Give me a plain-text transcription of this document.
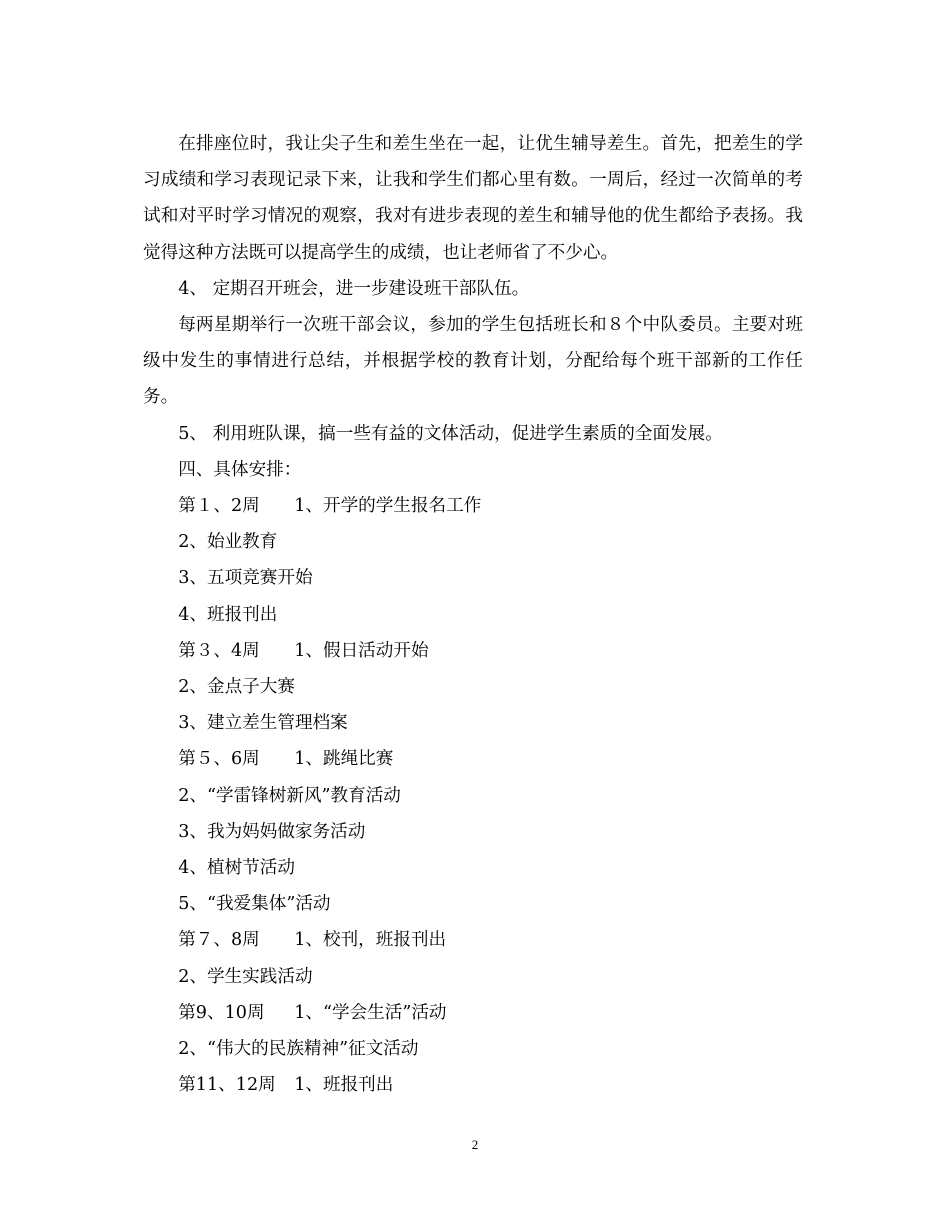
在排座位时，我让尖子生和差生坐在一起，让优生辅导差生。首先，把差生的学习成绩和学习表现记录下来，让我和学生们都心里有数。一周后，经过一次简单的考试和对平时学习情况的观察，我对有进步表现的差生和辅导他的优生都给予表扬。我觉得这种方法既可以提高学生的成绩，也让老师省了不少心。

4、 定期召开班会，进一步建设班干部队伍。

每两星期举行一次班干部会议，参加的学生包括班长和８个中队委员。主要对班级中发生的事情进行总结，并根据学校的教育计划，分配给每个班干部新的工作任务。

5、 利用班队课，搞一些有益的文体活动，促进学生素质的全面发展。

四、具体安排：

第１、2周 1、开学的学生报名工作

2、始业教育

3、五项竞赛开始

4、班报刊出

第３、4周 1、假日活动开始

2、金点子大赛

3、建立差生管理档案

第５、6周 1、跳绳比赛

2、“学雷锋树新风”教育活动

3、我为妈妈做家务活动

4、植树节活动

5、“我爱集体”活动

第７、8周 1、校刊，班报刊出

2、学生实践活动

第9、10周 1、“学会生活”活动

2、“伟大的民族精神”征文活动

第11、12周 1、班报刊出

2
